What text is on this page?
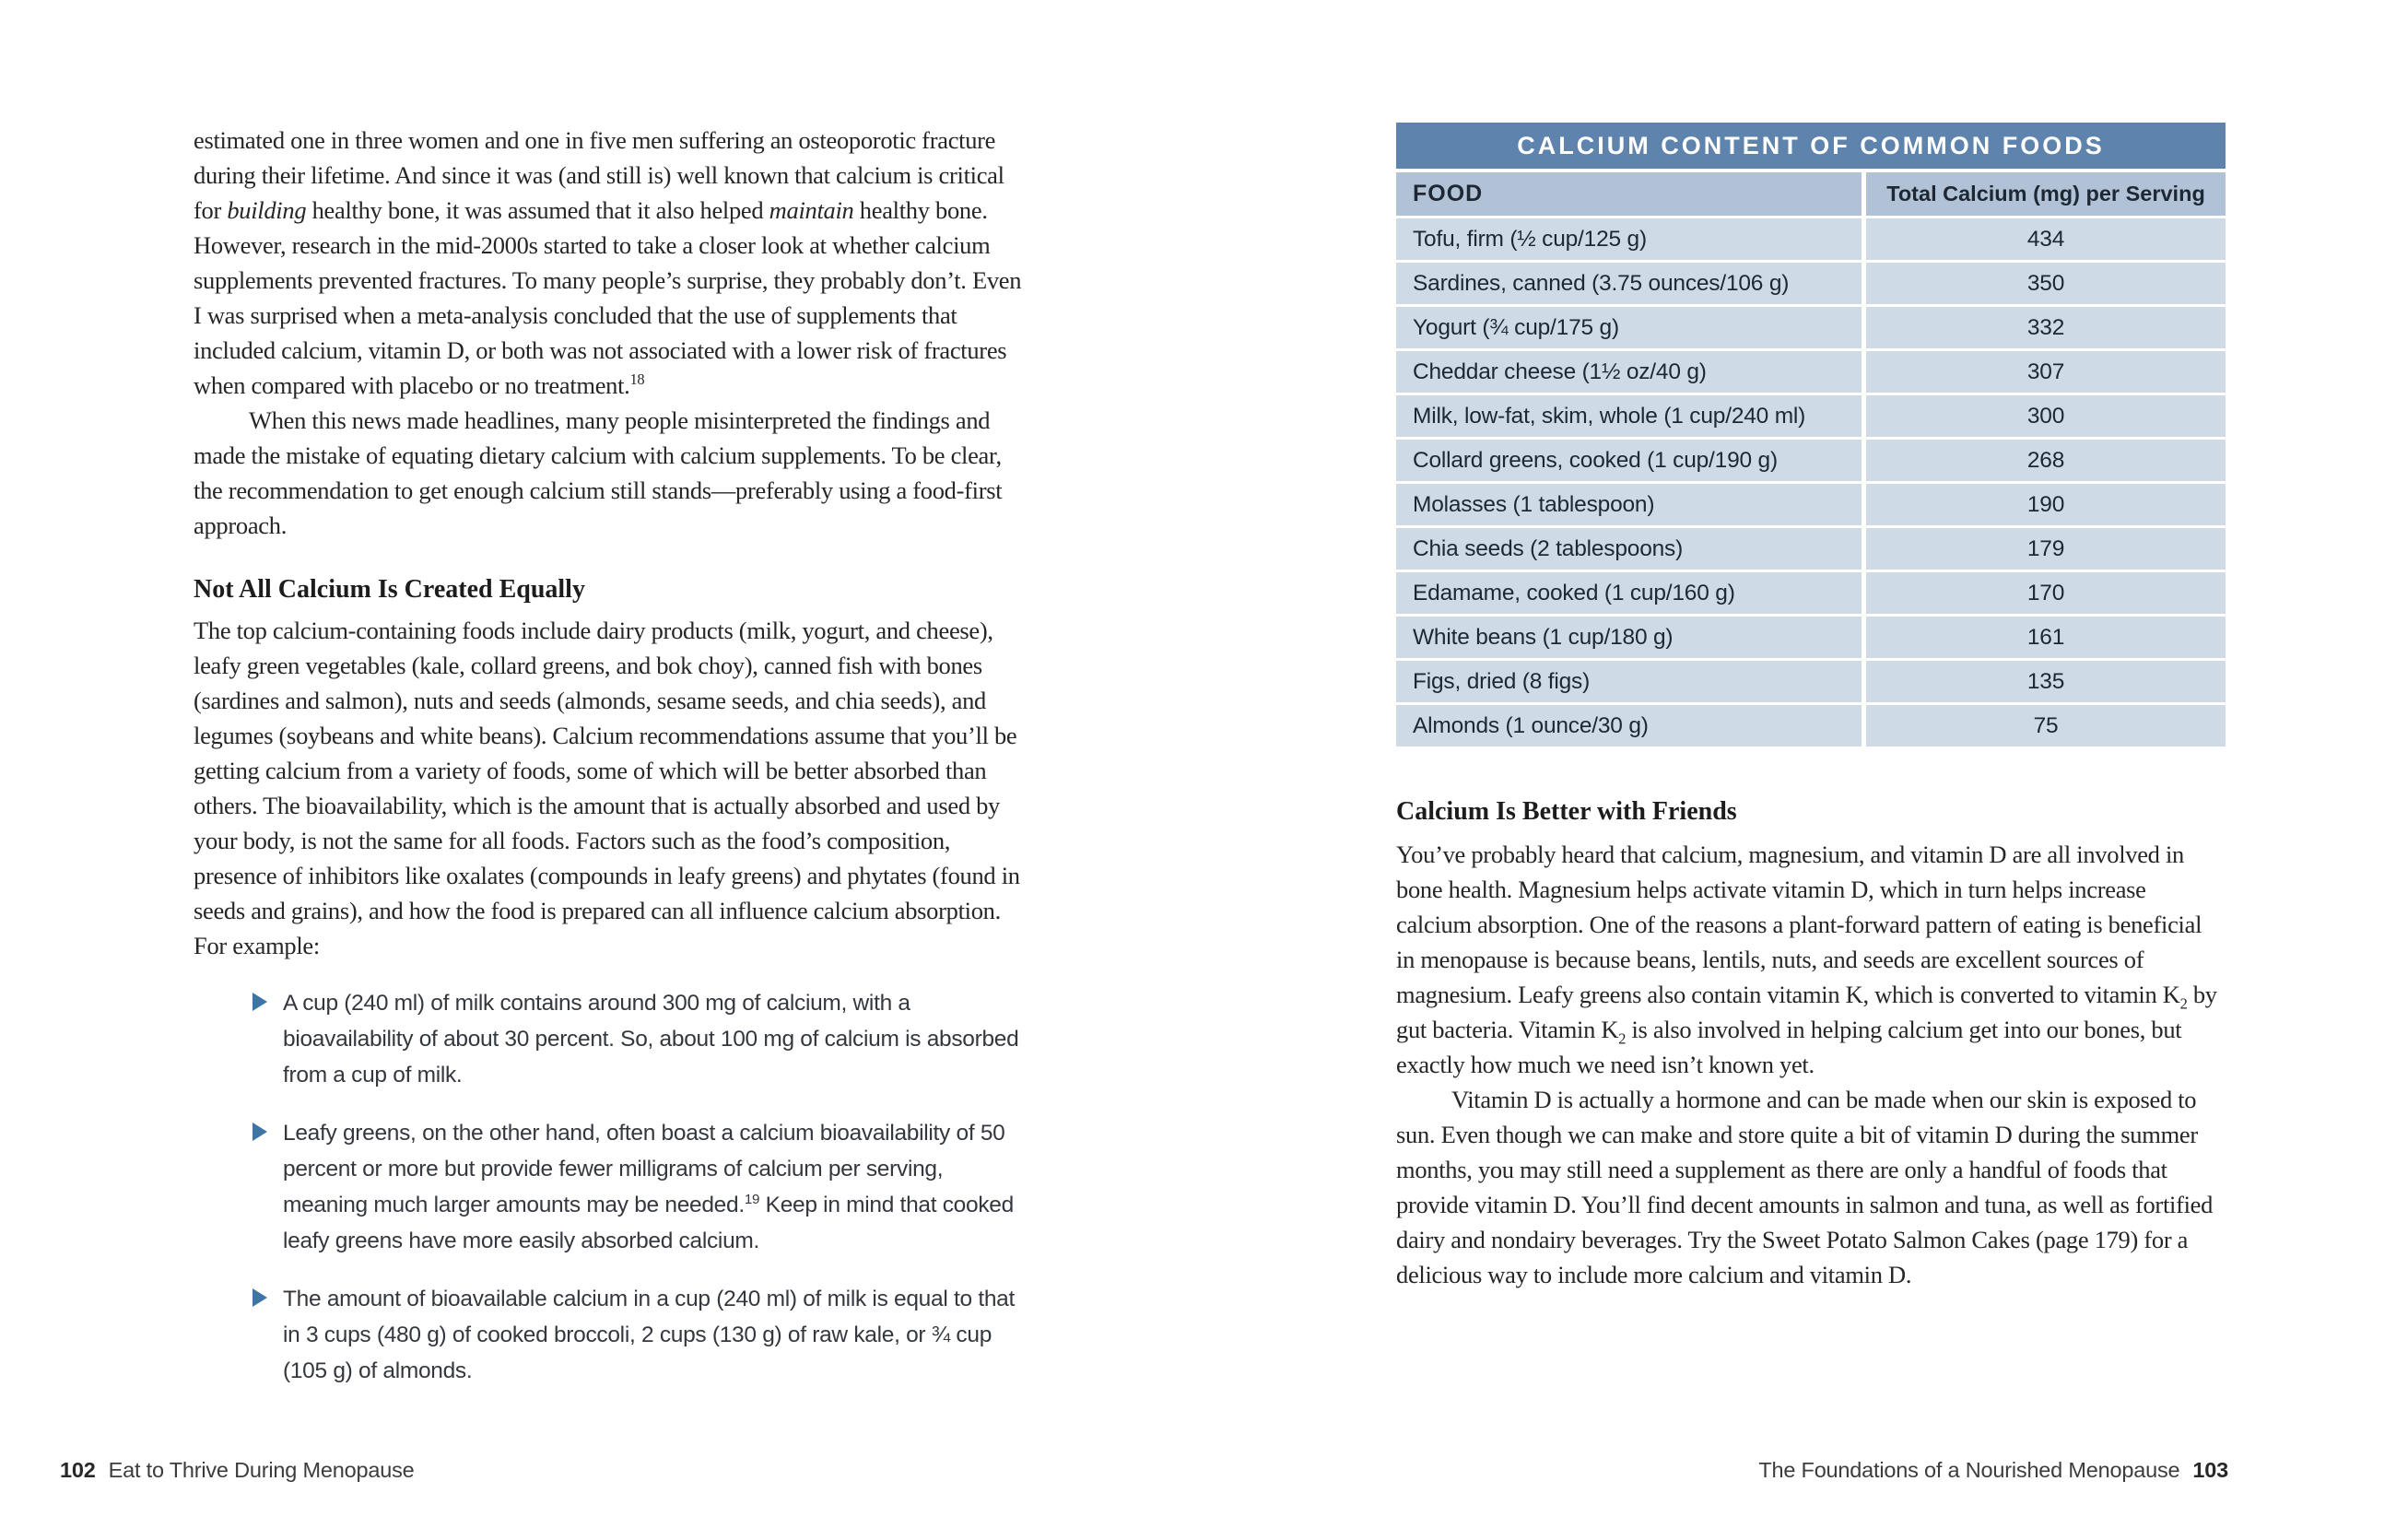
estimated one in three women and one in five men suffering an osteoporotic fracture during their lifetime. And since it was (and still is) well known that calcium is critical for building healthy bone, it was assumed that it also helped maintain healthy bone. However, research in the mid-2000s started to take a closer look at whether calcium supplements prevented fractures. To many people’s surprise, they probably don’t. Even I was surprised when a meta-analysis concluded that the use of supplements that included calcium, vitamin D, or both was not associated with a lower risk of fractures when compared with placebo or no treatment.$^{18}$

When this news made headlines, many people misinterpreted the findings and made the mistake of equating dietary calcium with calcium supplements. To be clear, the recommendation to get enough calcium still stands—preferably using a food-first approach.

Not All Calcium Is Created Equally

The top calcium-containing foods include dairy products (milk, yogurt, and cheese), leafy green vegetables (kale, collard greens, and bok choy), canned fish with bones (sardines and salmon), nuts and seeds (almonds, sesame seeds, and chia seeds), and legumes (soybeans and white beans). Calcium recommendations assume that you’ll be getting calcium from a variety of foods, some of which will be better absorbed than others. The bioavailability, which is the amount that is actually absorbed and used by your body, is not the same for all foods. Factors such as the food’s composition, presence of inhibitors like oxalates (compounds in leafy greens) and phytates (found in seeds and grains), and how the food is prepared can all influence calcium absorption. For example:

A cup (240 ml) of milk contains around 300 mg of calcium, with a bioavailability of about 30 percent. So, about 100 mg of calcium is absorbed from a cup of milk.
Leafy greens, on the other hand, often boast a calcium bioavailability of 50 percent or more but provide fewer milligrams of calcium per serving, meaning much larger amounts may be needed.$^{19}$ Keep in mind that cooked leafy greens have more easily absorbed calcium.
The amount of bioavailable calcium in a cup (240 ml) of milk is equal to that in 3 cups (480 g) of cooked broccoli, 2 cups (130 g) of raw kale, or ¾ cup (105 g) of almonds.
CALCIUM CONTENT OF COMMON FOODS
FOOD	Total Calcium (mg) per Serving
Tofu, firm (½ cup/125 g)	434
Sardines, canned (3.75 ounces/106 g)	350
Yogurt (¾ cup/175 g)	332
Cheddar cheese (1½ oz/40 g)	307
Milk, low-fat, skim, whole (1 cup/240 ml)	300
Collard greens, cooked (1 cup/190 g)	268
Molasses (1 tablespoon)	190
Chia seeds (2 tablespoons)	179
Edamame, cooked (1 cup/160 g)	170
White beans (1 cup/180 g)	161
Figs, dried (8 figs)	135
Almonds (1 ounce/30 g)	75
Calcium Is Better with Friends

You’ve probably heard that calcium, magnesium, and vitamin D are all involved in bone health. Magnesium helps activate vitamin D, which in turn helps increase calcium absorption. One of the reasons a plant-forward pattern of eating is beneficial in menopause is because beans, lentils, nuts, and seeds are excellent sources of magnesium. Leafy greens also contain vitamin K, which is converted to vitamin $K_2$ by gut bacteria. Vitamin $K_2$ is also involved in helping calcium get into our bones, but exactly how much we need isn’t known yet.

Vitamin D is actually a hormone and can be made when our skin is exposed to sun. Even though we can make and store quite a bit of vitamin D during the summer months, you may still need a supplement as there are only a handful of foods that provide vitamin D. You’ll find decent amounts in salmon and tuna, as well as fortified dairy and nondairy beverages. Try the Sweet Potato Salmon Cakes (page 179) for a delicious way to include more calcium and vitamin D.

102 Eat to Thrive During Menopause	The Foundations of a Nourished Menopause 103
